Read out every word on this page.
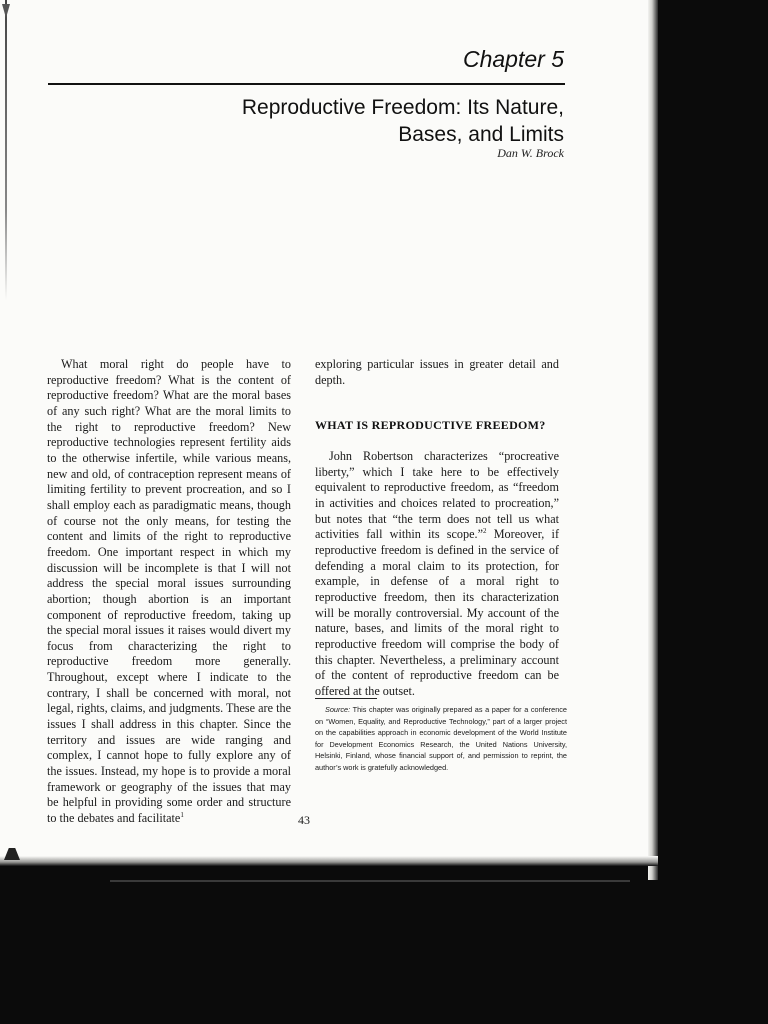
Chapter 5

Reproductive Freedom: Its Nature,
Bases, and Limits

Dan W. Brock

What moral right do people have to reproductive freedom? What is the content of reproductive freedom? What are the moral bases of any such right? What are the moral limits to the right to reproductive freedom? New reproductive technologies represent fertility aids to the otherwise infertile, while various means, new and old, of contraception represent means of limiting fertility to prevent procreation, and so I shall employ each as paradigmatic means, though of course not the only means, for testing the content and limits of the right to reproductive freedom. One important respect in which my discussion will be incomplete is that I will not address the special moral issues surrounding abortion; though abortion is an important component of reproductive freedom, taking up the special moral issues it raises would divert my focus from characterizing the right to reproductive freedom more generally. Throughout, except where I indicate to the contrary, I shall be concerned with moral, not legal, rights, claims, and judgments. These are the issues I shall address in this chapter. Since the territory and issues are wide ranging and complex, I cannot hope to fully explore any of the issues. Instead, my hope is to provide a moral framework or geography of the issues that may be helpful in providing some order and structure to the debates and facilitate$^1$

exploring particular issues in greater detail and depth.

WHAT IS REPRODUCTIVE FREEDOM?

John Robertson characterizes “procreative liberty,” which I take here to be effectively equivalent to reproductive freedom, as “freedom in activities and choices related to procreation,” but notes that “the term does not tell us what activities fall within its scope.”$^2$ Moreover, if reproductive freedom is defined in the service of defending a moral claim to its protection, for example, in defense of a moral right to reproductive freedom, then its characterization will be morally controversial. My account of the nature, bases, and limits of the moral right to reproductive freedom will comprise the body of this chapter. Nevertheless, a preliminary account of the content of reproductive freedom can be offered at the outset.

Source: This chapter was originally prepared as a paper for a conference on “Women, Equality, and Reproductive Technology,” part of a larger project on the capabilities approach in economic development of the World Institute for Development Economics Research, the United Nations University, Helsinki, Finland, whose financial support of, and permission to reprint, the author’s work is gratefully acknowledged.

43
